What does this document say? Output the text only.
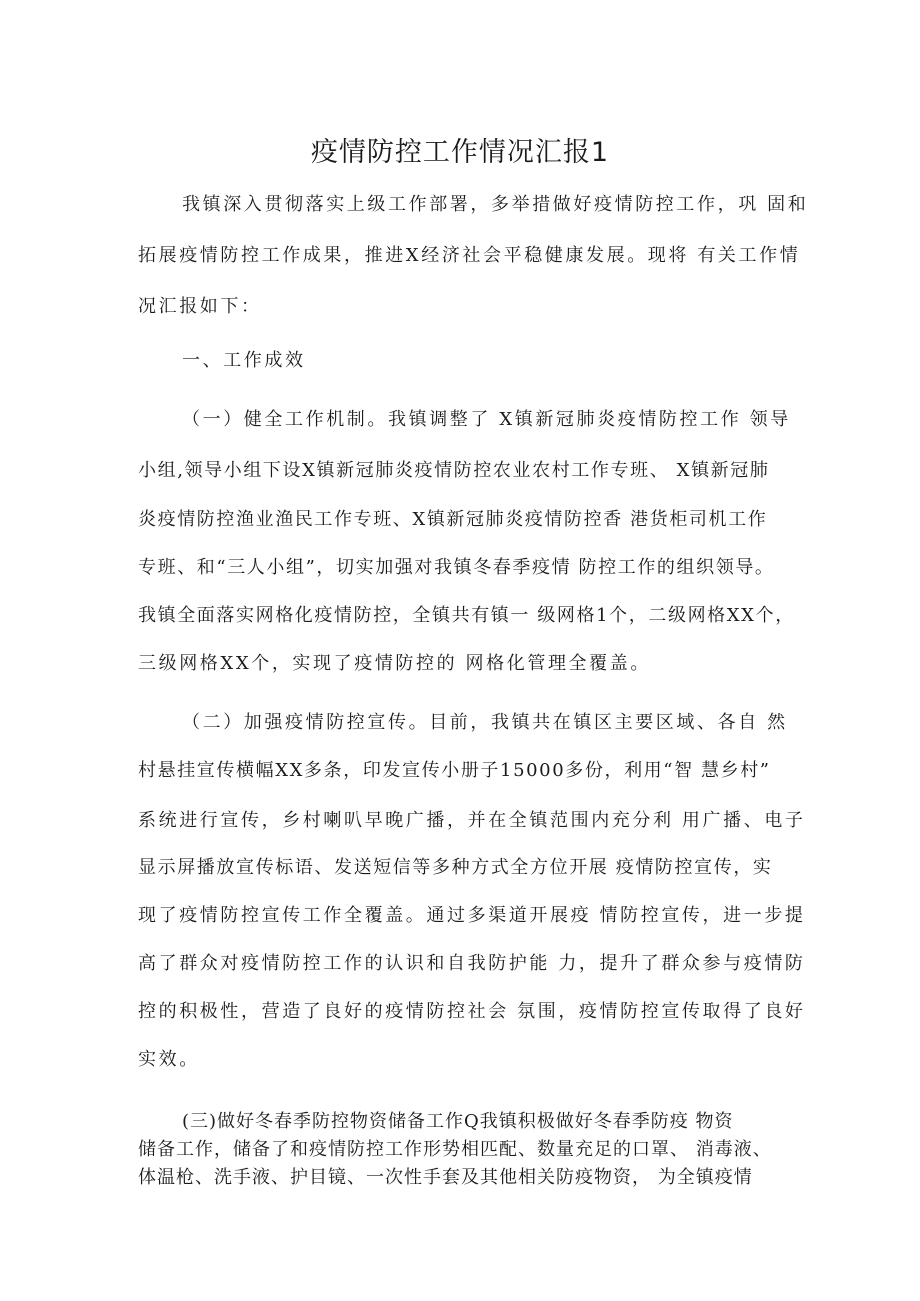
疫情防控工作情况汇报1
我镇深入贯彻落实上级工作部署，多举措做好疫情防控工作，巩 固和
拓展疫情防控工作成果，推进X经济社会平稳健康发展。现将 有关工作情
况汇报如下：
一、工作成效
（一）健全工作机制。我镇调整了 X镇新冠肺炎疫情防控工作 领导
小组,领导小组下设X镇新冠肺炎疫情防控农业农村工作专班、 X镇新冠肺
炎疫情防控渔业渔民工作专班、X镇新冠肺炎疫情防控香 港货柜司机工作
专班、和“三人小组”，切实加强对我镇冬春季疫情 防控工作的组织领导。
我镇全面落实网格化疫情防控，全镇共有镇一 级网格1个，二级网格XX个，
三级网格XX个，实现了疫情防控的 网格化管理全覆盖。
（二）加强疫情防控宣传。目前，我镇共在镇区主要区域、各自 然
村悬挂宣传横幅XX多条，印发宣传小册子15000多份，利用“智 慧乡村”
系统进行宣传，乡村喇叭早晚广播，并在全镇范围内充分利 用广播、电子
显示屏播放宣传标语、发送短信等多种方式全方位开展 疫情防控宣传，实
现了疫情防控宣传工作全覆盖。通过多渠道开展疫 情防控宣传，进一步提
高了群众对疫情防控工作的认识和自我防护能 力，提升了群众参与疫情防
控的积极性，营造了良好的疫情防控社会 氛围，疫情防控宣传取得了良好
实效。
(三)做好冬春季防控物资储备工作Q我镇积极做好冬春季防疫 物资
储备工作，储备了和疫情防控工作形势相匹配、数量充足的口罩、 消毒液、
体温枪、洗手液、护目镜、一次性手套及其他相关防疫物资， 为全镇疫情
